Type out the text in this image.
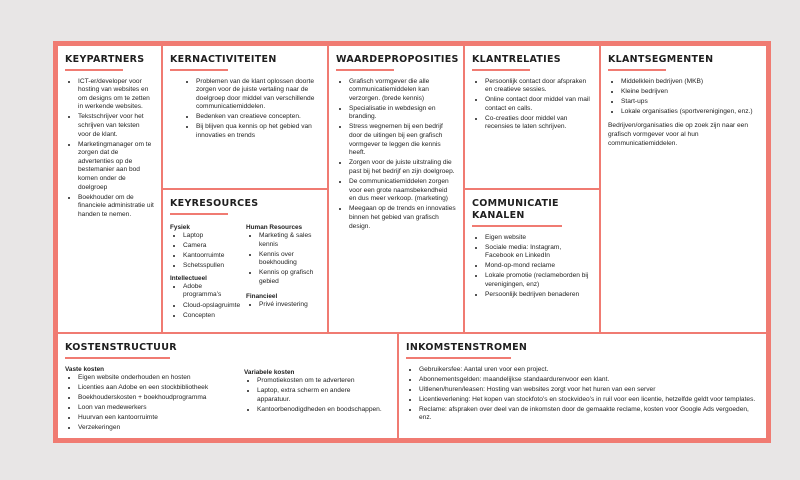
KEYPARTNERS
• ICT-er/developer voor hosting van websites en om designs om te zetten in werkende websites.
• Tekstschrijver voor het schrijven van teksten voor de klant.
• Marketingmanager om te zorgen dat de advertenties op de bestemanier aan bod komen onder de doelgroep
• Boekhouder om de financiele administratie uit handen te nemen.
KERNACTIVITEITEN
• Problemen van de klant oplossen doorte zorgen voor de juiste vertaling naar de doelgroep door middel van verschillende communicatiemiddelen.
• Bedenken van creatieve concepten.
• Bij blijven qua kennis op het gebied van innovaties en trends
KEYRESOURCES
Fysiek
• Laptop
• Camera
• Kantoorruimte
• Schetsspullen
Intellectueel
• Adobe programma’s
• Cloud-opslagruimte
• Concepten
Human Resources
• Marketing & sales kennis
• Kennis over boekhouding
• Kennis op grafisch gebied
Financieel
• Privé investering
WAARDEPROPOSITIES
• Grafisch vormgever die alle communicatiemiddelen kan verzorgen. (brede kennis)
• Specialisatie in webdesign en branding.
• Stress wegnemen bij een bedrijf door de uitingen bij een grafisch vormgever te leggen die kennis heeft.
• Zorgen voor de juiste uitstraling die past bij het bedrijf en zijn doelgroep.
• De communicatiemiddelen zorgen voor een grote naamsbekendheid en dus meer verkoop. (marketing)
• Meegaan op de trends en innovaties binnen het gebied van grafisch design.
KLANTRELATIES
• Persoonlijk contact door afspraken en creatieve sessies.
• Online contact door middel van mail contact en calls.
• Co-creaties door middel van recensies te laten schrijven.
COMMUNICATIE
KANALEN
• Eigen website
• Sociale media: Instagram, Facebook en LinkedIn
• Mond-op-mond reclame
• Lokale promotie (reclameborden bij verenigingen, enz)
• Persoonlijk bedrijven benaderen
KLANTSEGMENTEN
• Middelklein bedrijven (MKB)
• Kleine bedrijven
• Start-ups
• Lokale organisaties (sportverenigingen, enz.)

Bedrijven/organisaties die op zoek zijn naar een grafisch vormgever voor al hun communicatiemiddelen.

KOSTENSTRUCTUUR
Vaste kosten
• Eigen website onderhouden en hosten
• Licenties aan Adobe en een stockbibliotheek
• Boekhouderskosten + boekhoudprogramma
• Loon van medewerkers
• Huurvan een kantoorruimte
• Verzekeringen
Variabele kosten
• Promotiekosten om te adverteren
• Laptop, extra scherm en andere apparatuur.
• Kantoorbenodigdheden en boodschappen.
INKOMSTENSTROMEN
• Gebruikersfee: Aantal uren voor een project.
• Abonnementsgelden: maandelijkse standaardurenvoor een klant.
• Uitlenen/huren/leasen: Hosting van websites zorgt voor het huren van een server
• Licentieverlening: Het kopen van stockfoto’s en stockvideo’s in ruil voor een licentie, hetzelfde geldt voor templates.
• Reclame: afspraken over deel van de inkomsten door de gemaakte reclame, kosten voor Google Ads vergoeden, enz.
